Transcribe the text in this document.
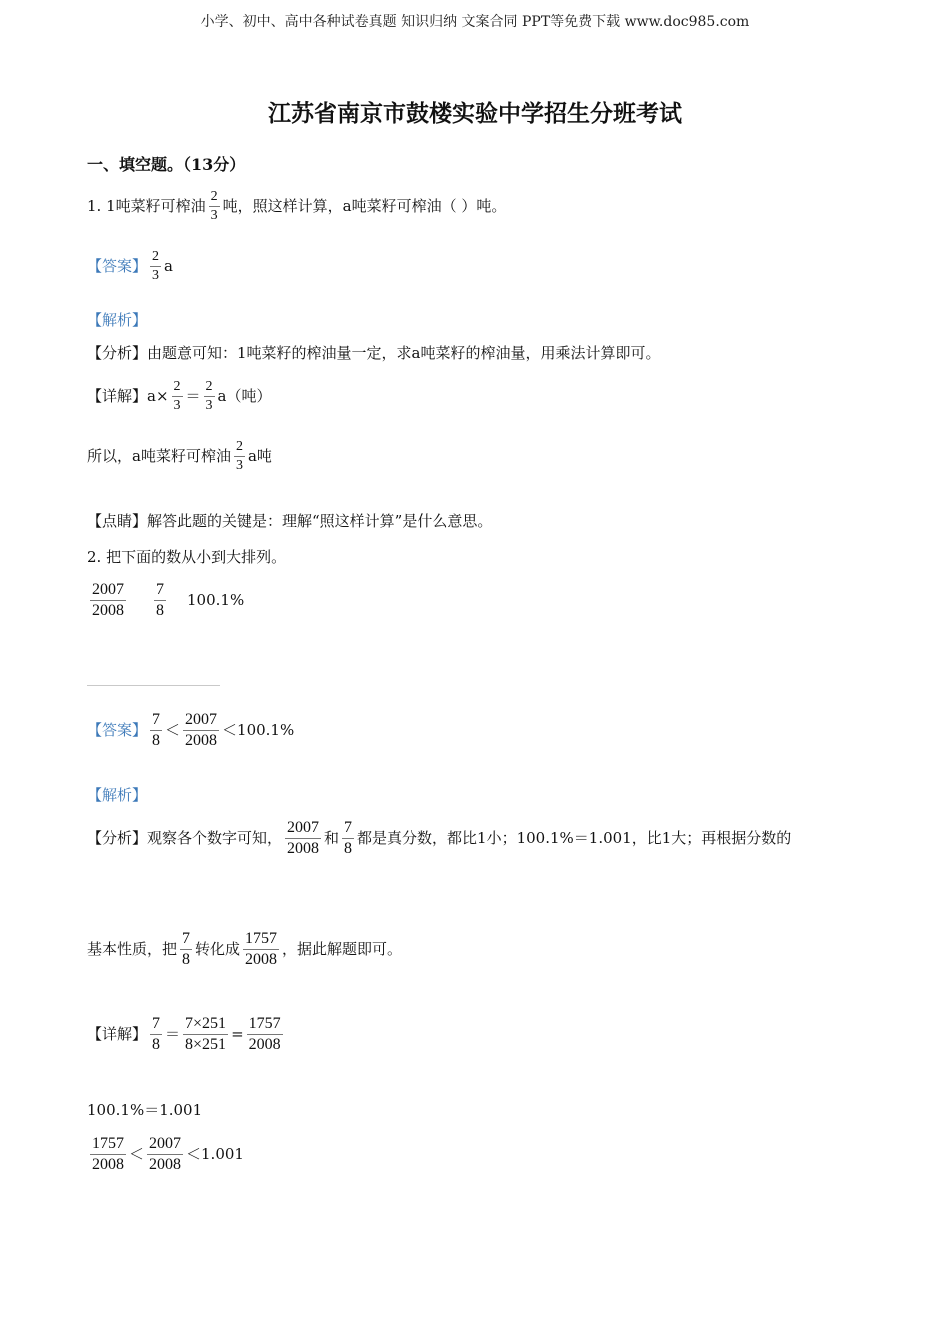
小学、初中、高中各种试卷真题 知识归纳 文案合同 PPT等免费下载 www.doc985.com
江苏省南京市鼓楼实验中学招生分班考试
一、填空题。（13分）
1. 1吨菜籽可榨油 $\frac{2}{3}$ 吨，照这样计算，a吨菜籽可榨油（ ）吨。
【答案】 $\frac{2}{3}$ a
【解析】
【分析】由题意可知：1吨菜籽的榨油量一定，求a吨菜籽的榨油量，用乘法计算即可。
【详解】 $a\times \frac{2}{3} = \frac{2}{3} a$（吨）
所以，a吨菜籽可榨油 $\frac{2}{3}$ a吨
【点睛】解答此题的关键是：理解“照这样计算”是什么意思。
2. 把下面的数从小到大排列。
$\frac{2007}{2008} \frac{7}{8} 100.1\%$
【答案】 $\frac{7}{8} < \frac{2007}{2008} <100.1\%$
【解析】
【分析】 观察各个数字可知， $\frac{2007}{2008}$ 和 $\frac{7}{8}$ 都是真分数，都比1小；100.1%＝1.001，比1大；再根据分数的
基本性质，把 $\frac{7}{8}$ 转化成 $\frac{1757}{2008}$ ，据此解题即可。
【详解】 $\frac{7}{8} = \frac{7\times 251}{8\times 251} = \frac{1757}{2008}$
100.1%＝1.001
$\frac{1757}{2008} < \frac{2007}{2008} <1.001$
